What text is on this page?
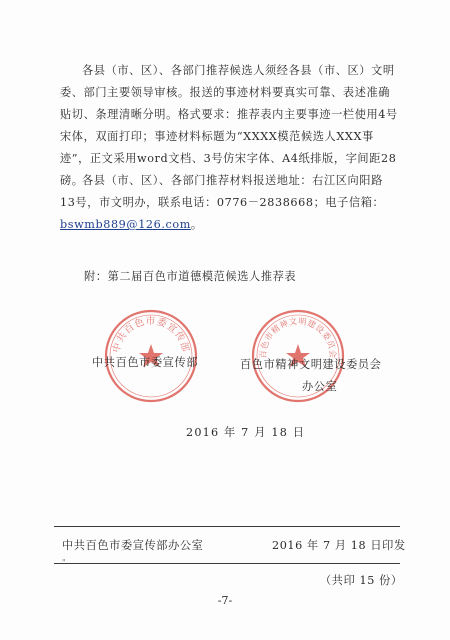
各县（市、区）、各部门推荐候选人须经各县（市、区）文明委、部门主要领导审核。报送的事迹材料要真实可靠、表述准确贴切、条理清晰分明。格式要求：推荐表内主要事迹一栏使用4号宋体，双面打印；事迹材料标题为“XXXX模范候选人XXX事迹”，正文采用word文档、3号仿宋字体、A4纸排版，字间距28磅。

各县（市、区）、各部门推荐材料报送地址：右江区向阳路13号，市文明办，联系电话：0776－2838668；电子信箱：bswmb889@126.com。

附：第二届百色市道德模范候选人推荐表
中共百色市委宣传部
百色市精神文明建设委员会
中共百色市委宣传部	百色市精神文明建设委员会
办公室
2016 年 7 月 18 日
中共百色市委宣传部办公室	2016 年 7 月 18 日印发
"
（共印 15 份）
-7-
